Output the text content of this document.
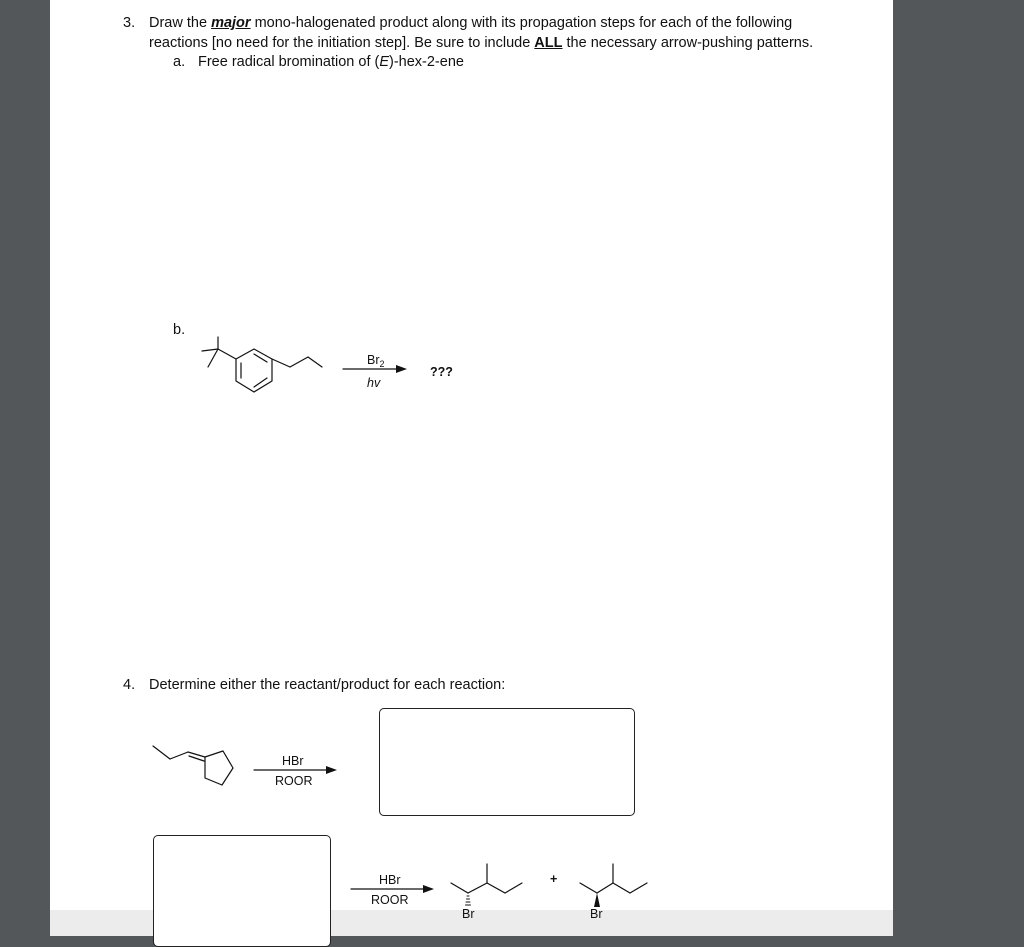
3. Draw the major mono-halogenated product along with its propagation steps for each of the following
reactions [no need for the initiation step]. Be sure to include ALL the necessary arrow-pushing patterns.
a. Free radical bromination of (E)-hex-2-ene
b.
4. Determine either the reactant/product for each reaction:
$Br_2$
hv
???
HBr
ROOR
HBr
ROOR
Br
+
Br
